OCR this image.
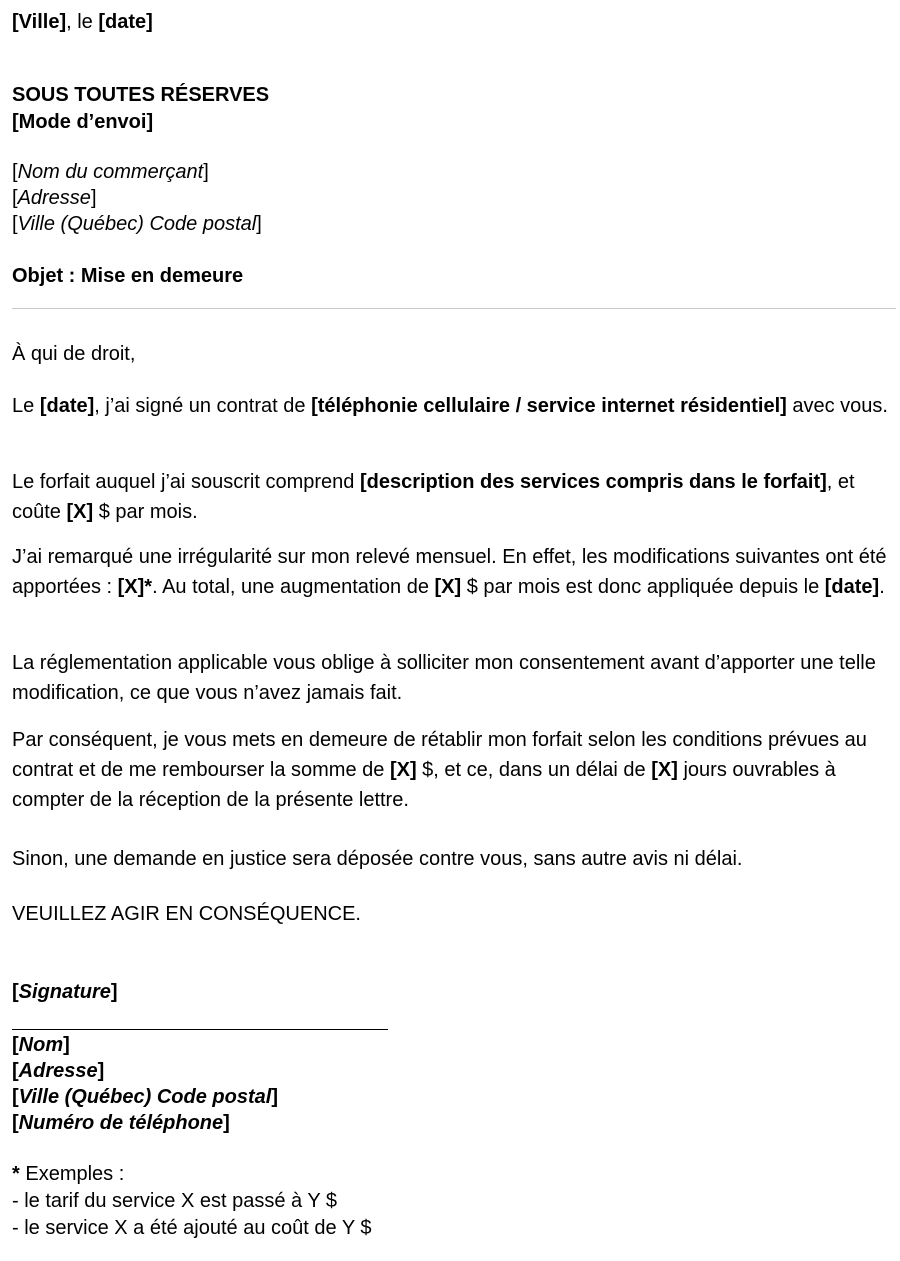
[Ville], le [date]
SOUS TOUTES RÉSERVES
[Mode d’envoi]
[Nom du commerçant]
[Adresse]
[Ville (Québec) Code postal]
Objet : Mise en demeure
À qui de droit,
Le [date], j’ai signé un contrat de [téléphonie cellulaire / service internet résidentiel] avec vous.
Le forfait auquel j’ai souscrit comprend [description des services compris dans le forfait], et coûte [X] $ par mois.
J’ai remarqué une irrégularité sur mon relevé mensuel. En effet, les modifications suivantes ont été apportées : [X]*. Au total, une augmentation de [X] $ par mois est donc appliquée depuis le [date].
La réglementation applicable vous oblige à solliciter mon consentement avant d’apporter une telle modification, ce que vous n’avez jamais fait.
Par conséquent, je vous mets en demeure de rétablir mon forfait selon les conditions prévues au contrat et de me rembourser la somme de [X] $, et ce, dans un délai de [X] jours ouvrables à compter de la réception de la présente lettre.
Sinon, une demande en justice sera déposée contre vous, sans autre avis ni délai.
VEUILLEZ AGIR EN CONSÉQUENCE.
[Signature]
[Nom]
[Adresse]
[Ville (Québec) Code postal]
[Numéro de téléphone]
* Exemples :
- le tarif du service X est passé à Y $
- le service X a été ajouté au coût de Y $
